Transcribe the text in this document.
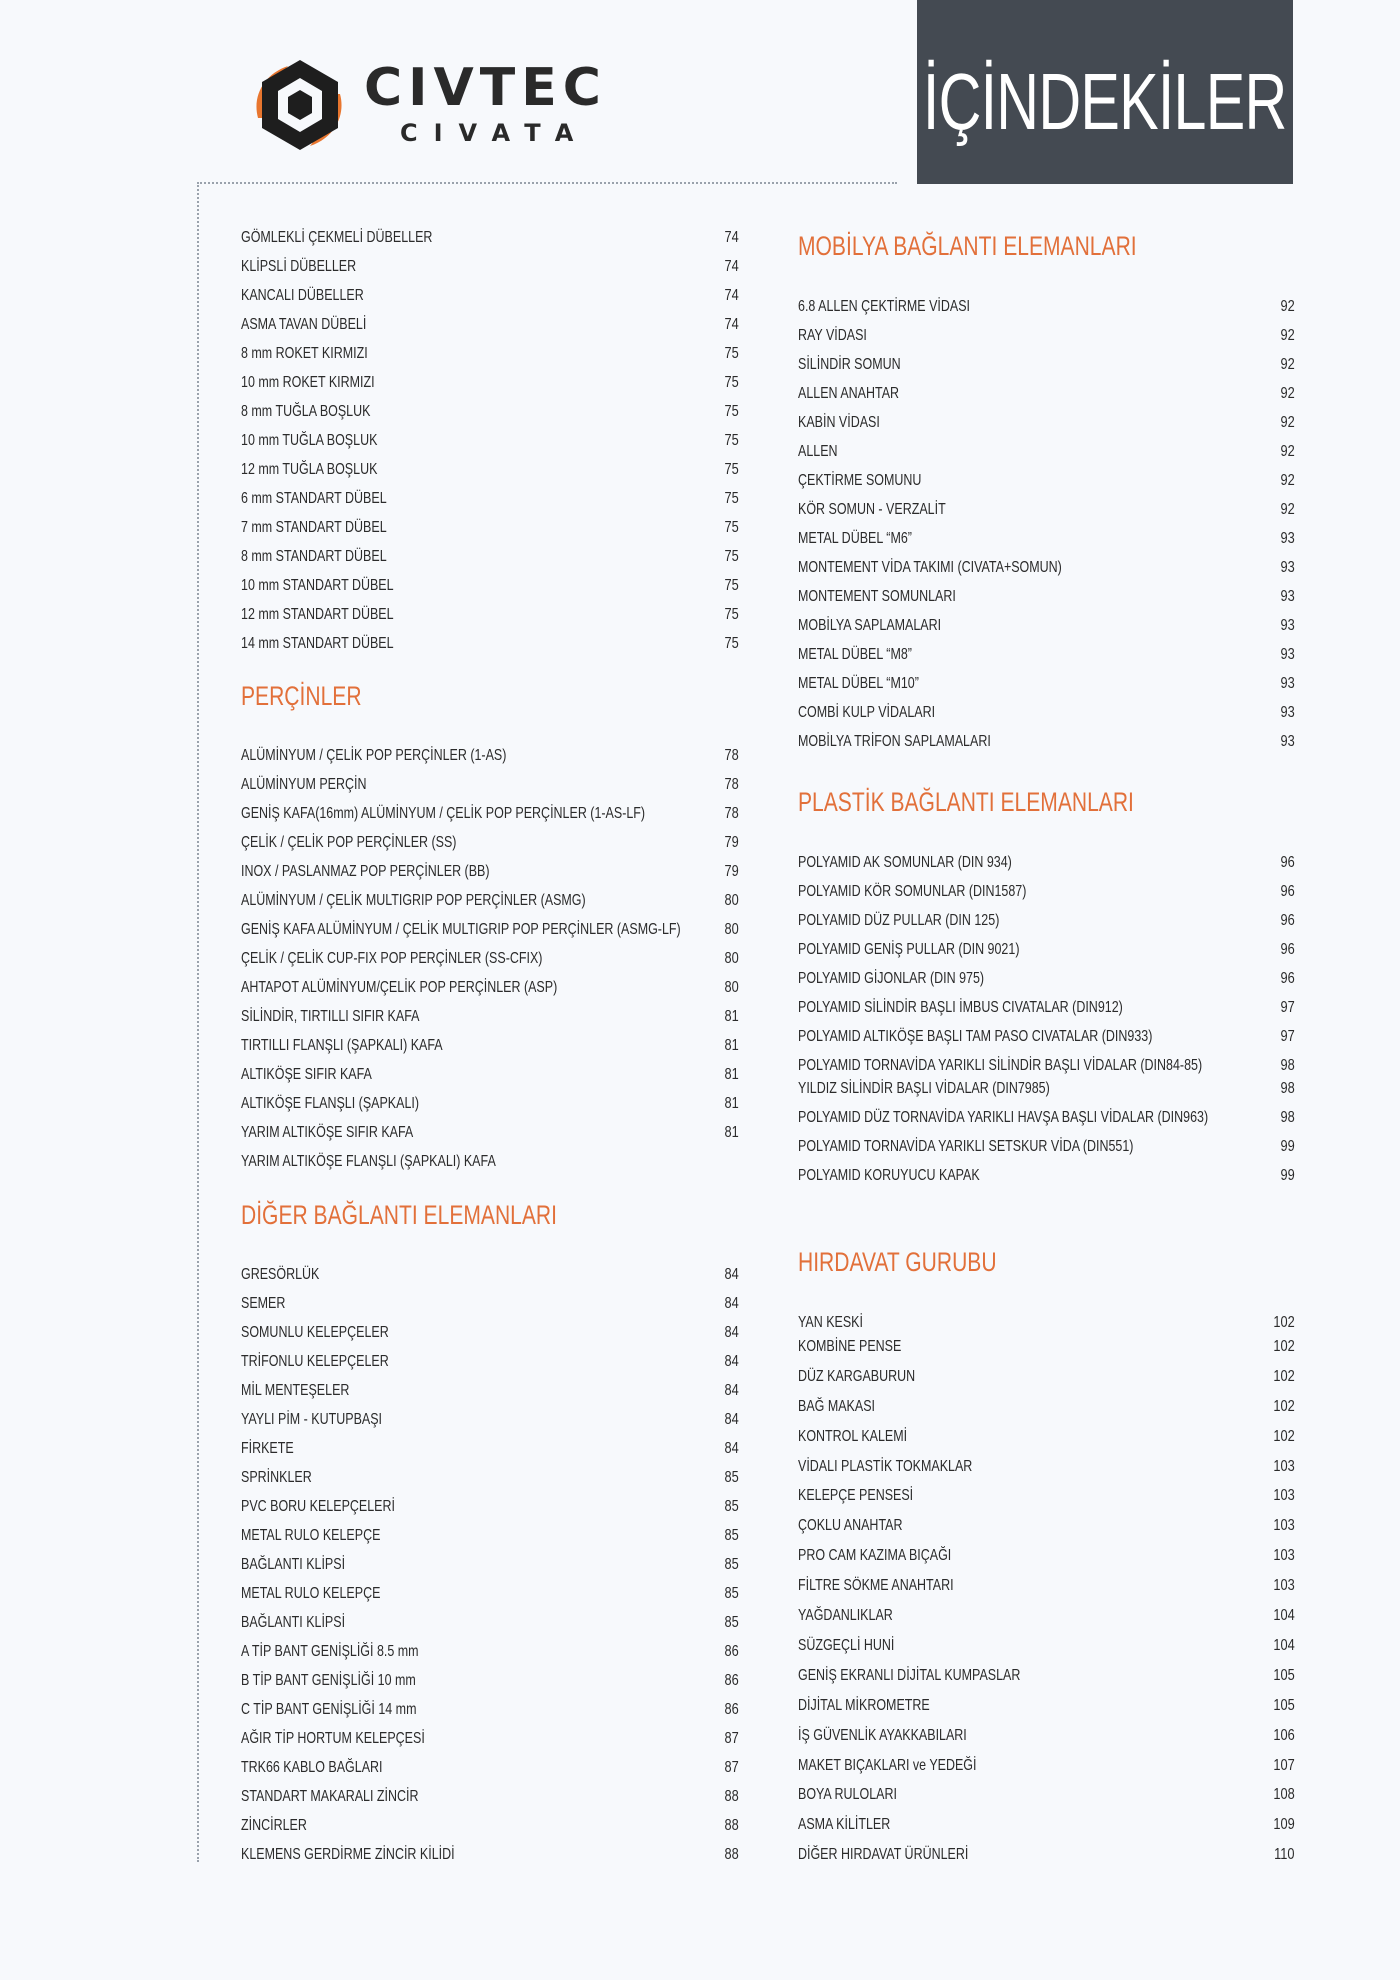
CIVTEC
CIVATA	İÇİNDEKİLER
GÖMLEKLİ ÇEKMELİ DÜBELLER	74
KLİPSLİ DÜBELLER	74
KANCALI DÜBELLER	74
ASMA TAVAN DÜBELİ	74
8 mm ROKET KIRMIZI	75
10 mm ROKET KIRMIZI	75
8 mm TUĞLA BOŞLUK	75
10 mm TUĞLA BOŞLUK	75
12 mm TUĞLA BOŞLUK	75
6 mm STANDART DÜBEL	75
7 mm STANDART DÜBEL	75
8 mm STANDART DÜBEL	75
10 mm STANDART DÜBEL	75
12 mm STANDART DÜBEL	75
14 mm STANDART DÜBEL	75
PERÇİNLER
ALÜMİNYUM / ÇELİK POP PERÇİNLER (1-AS)	78
ALÜMİNYUM PERÇİN	78
GENİŞ KAFA(16mm) ALÜMİNYUM / ÇELİK POP PERÇİNLER (1-AS-LF)	78
ÇELİK / ÇELİK POP PERÇİNLER (SS)	79
INOX / PASLANMAZ POP PERÇİNLER (BB)	79
ALÜMİNYUM / ÇELİK MULTIGRIP POP PERÇİNLER (ASMG)	80
GENİŞ KAFA ALÜMİNYUM / ÇELİK MULTIGRIP POP PERÇİNLER (ASMG-LF)	80
ÇELİK / ÇELİK CUP-FIX POP PERÇİNLER (SS-CFIX)	80
AHTAPOT ALÜMİNYUM/ÇELİK POP PERÇİNLER (ASP)	80
SİLİNDİR, TIRTILLI SIFIR KAFA	81
TIRTILLI FLANŞLI (ŞAPKALI) KAFA	81
ALTIKÖŞE SIFIR KAFA	81
ALTIKÖŞE FLANŞLI (ŞAPKALI)	81
YARIM ALTIKÖŞE SIFIR KAFA	81
YARIM ALTIKÖŞE FLANŞLI (ŞAPKALI) KAFA
DİĞER BAĞLANTI ELEMANLARI
GRESÖRLÜK	84
SEMER	84
SOMUNLU KELEPÇELER	84
TRİFONLU KELEPÇELER	84
MİL MENTEŞELER	84
YAYLI PİM - KUTUPBAŞI	84
FİRKETE	84
SPRİNKLER	85
PVC BORU KELEPÇELERİ	85
METAL RULO KELEPÇE	85
BAĞLANTI KLİPSİ	85
METAL RULO KELEPÇE	85
BAĞLANTI KLİPSİ	85
A TİP BANT GENİŞLİĞİ 8.5 mm	86
B TİP BANT GENİŞLİĞİ 10 mm	86
C TİP BANT GENİŞLİĞİ 14 mm	86
AĞIR TİP HORTUM KELEPÇESİ	87
TRK66 KABLO BAĞLARI	87
STANDART MAKARALI ZİNCİR	88
ZİNCİRLER	88
KLEMENS GERDİRME ZİNCİR KİLİDİ	88
MOBİLYA BAĞLANTI ELEMANLARI
6.8 ALLEN ÇEKTİRME VİDASI	92
RAY VİDASI	92
SİLİNDİR SOMUN	92
ALLEN ANAHTAR	92
KABİN VİDASI	92
ALLEN	92
ÇEKTİRME SOMUNU	92
KÖR SOMUN - VERZALİT	92
METAL DÜBEL “M6”	93
MONTEMENT VİDA TAKIMI (CIVATA+SOMUN)	93
MONTEMENT SOMUNLARI	93
MOBİLYA SAPLAMALARI	93
METAL DÜBEL “M8”	93
METAL DÜBEL “M10”	93
COMBİ KULP VİDALARI	93
MOBİLYA TRİFON SAPLAMALARI	93
PLASTİK BAĞLANTI ELEMANLARI
POLYAMID AK SOMUNLAR (DIN 934)	96
POLYAMID KÖR SOMUNLAR (DIN1587)	96
POLYAMID DÜZ PULLAR (DIN 125)	96
POLYAMID GENİŞ PULLAR (DIN 9021)	96
POLYAMID GİJONLAR (DIN 975)	96
POLYAMID SİLİNDİR BAŞLI İMBUS CIVATALAR (DIN912)	97
POLYAMID ALTIKÖŞE BAŞLI TAM PASO CIVATALAR (DIN933)	97
POLYAMID TORNAVİDA YARIKLI SİLİNDİR BAŞLI VİDALAR (DIN84-85)	98
YILDIZ SİLİNDİR BAŞLI VİDALAR (DIN7985)	98
POLYAMID DÜZ TORNAVİDA YARIKLI HAVŞA BAŞLI VİDALAR (DIN963)	98
POLYAMID TORNAVİDA YARIKLI SETSKUR VİDA (DIN551)	99
POLYAMID KORUYUCU KAPAK	99
HIRDAVAT GURUBU
YAN KESKİ	102
KOMBİNE PENSE	102
DÜZ KARGABURUN	102
BAĞ MAKASI	102
KONTROL KALEMİ	102
VİDALI PLASTİK TOKMAKLAR	103
KELEPÇE PENSESİ	103
ÇOKLU ANAHTAR	103
PRO CAM KAZIMA BIÇAĞI	103
FİLTRE SÖKME ANAHTARI	103
YAĞDANLIKLAR	104
SÜZGEÇLİ HUNİ	104
GENİŞ EKRANLI DİJİTAL KUMPASLAR	105
DİJİTAL MİKROMETRE	105
İŞ GÜVENLİK AYAKKABILARI	106
MAKET BIÇAKLARI ve YEDEĞİ	107
BOYA RULOLARI	108
ASMA KİLİTLER	109
DİĞER HIRDAVAT ÜRÜNLERİ	110
